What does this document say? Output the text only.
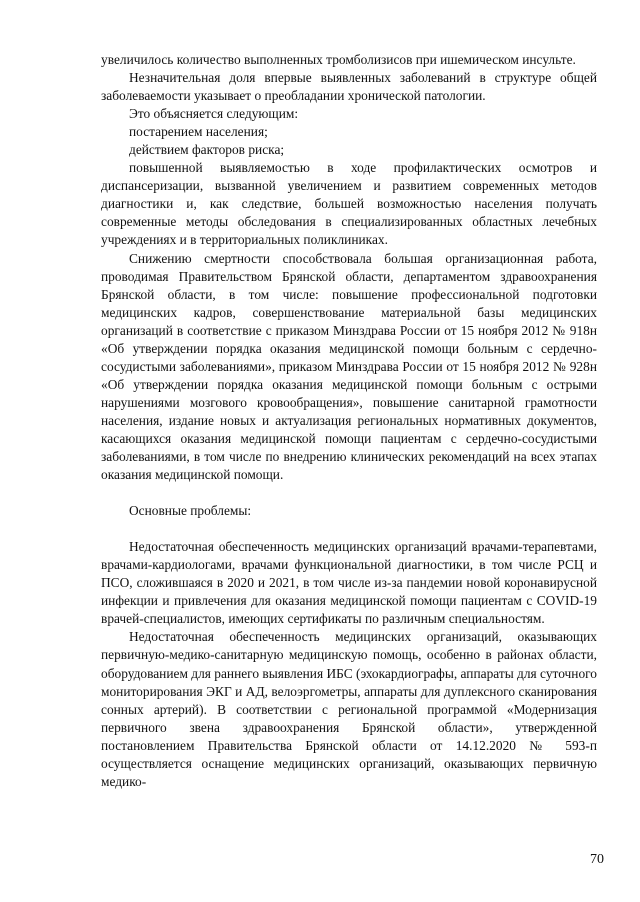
увеличилось количество выполненных тромболизисов при ишемическом инсульте.

Незначительная доля впервые выявленных заболеваний в структуре общей заболеваемости указывает о преобладании хронической патологии.

Это объясняется следующим:

постарением населения;

действием факторов риска;

повышенной выявляемостью в ходе профилактических осмотров и диспансеризации, вызванной увеличением и развитием современных методов диагностики и, как следствие, большей возможностью населения получать современные методы обследования в специализированных областных лечебных учреждениях и в территориальных поликлиниках.

Снижению смертности способствовала большая организационная работа, проводимая Правительством Брянской области, департаментом здравоохранения Брянской области, в том числе: повышение профессиональной подготовки медицинских кадров, совершенствование материальной базы медицинских организаций в соответствие с приказом Минздрава России от 15 ноября 2012 № 918н «Об утверждении порядка оказания медицинской помощи больным с сердечно-сосудистыми заболеваниями», приказом Минздрава России от 15 ноября 2012 № 928н «Об утверждении порядка оказания медицинской помощи больным с острыми нарушениями мозгового кровообращения», повышение санитарной грамотности населения, издание новых и актуализация региональных нормативных документов, касающихся оказания медицинской помощи пациентам с сердечно-сосудистыми заболеваниями, в том числе по внедрению клинических рекомендаций на всех этапах оказания медицинской помощи.

Основные проблемы:

Недостаточная обеспеченность медицинских организаций врачами-терапевтами, врачами-кардиологами, врачами функциональной диагностики, в том числе РСЦ и ПСО, сложившаяся в 2020 и 2021, в том числе из-за пандемии новой коронавирусной инфекции и привлечения для оказания медицинской помощи пациентам с COVID-19 врачей-специалистов, имеющих сертификаты по различным специальностям.

Недостаточная обеспеченность медицинских организаций, оказывающих первичную-медико-санитарную медицинскую помощь, особенно в районах области, оборудованием для раннего выявления ИБС (эхокардиографы, аппараты для суточного мониторирования ЭКГ и АД, велоэргометры, аппараты для дуплексного сканирования сонных артерий). В соответствии с региональной программой «Модернизация первичного звена здравоохранения Брянской области», утвержденной постановлением Правительства Брянской области от 14.12.2020 № 593-п осуществляется оснащение медицинских организаций, оказывающих первичную медико-

70
